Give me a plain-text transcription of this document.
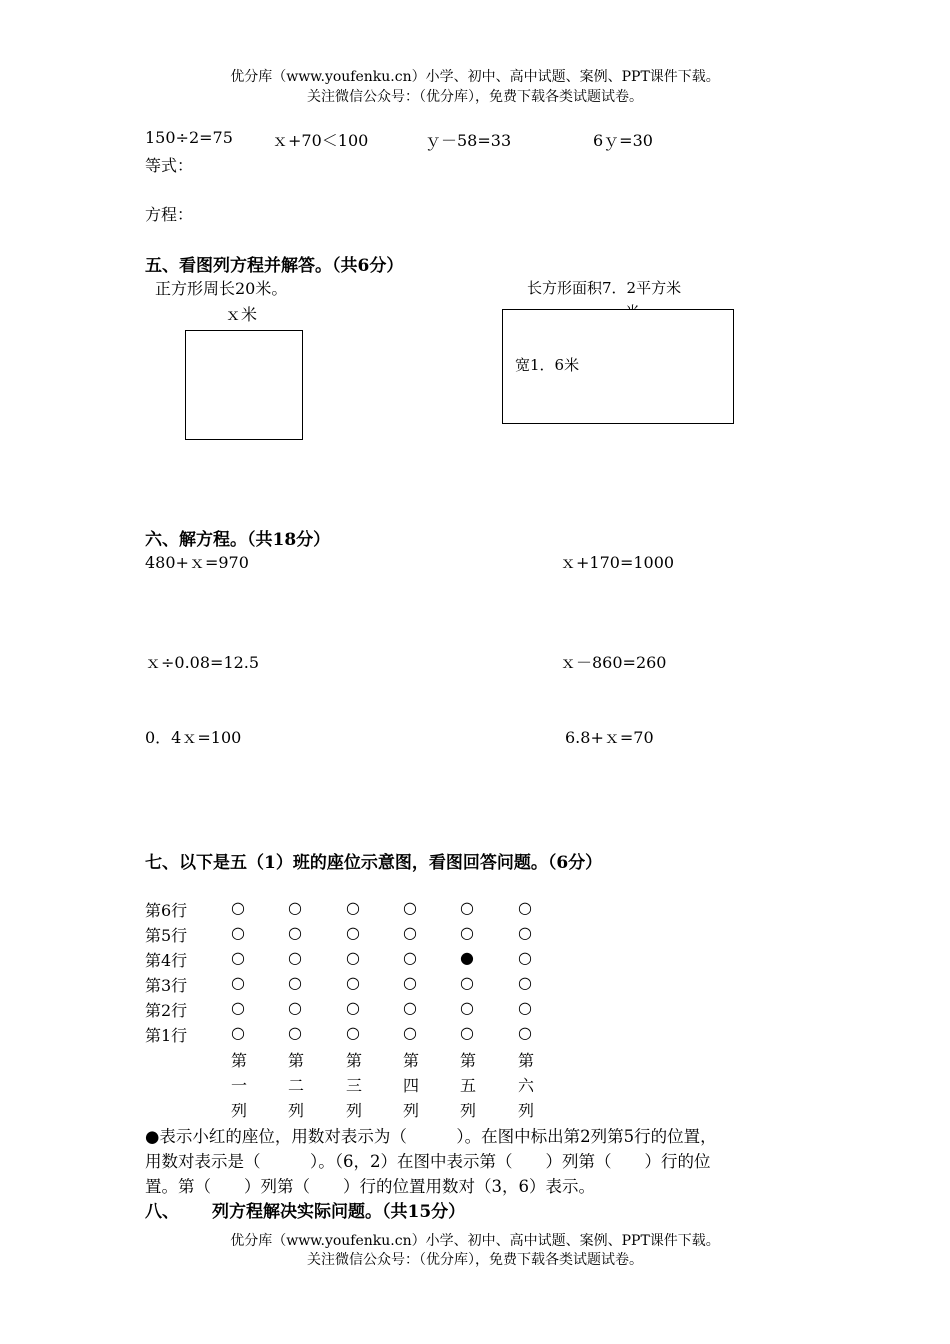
优分库（www.youfenku.cn）小学、初中、高中试题、案例、PPT课件下载。
关注微信公众号：（优分库），免费下载各类试题试卷。
150÷2=75 ｘ+70＜100	ｙ－58=33	6ｙ=30
等式：
方程：
五、看图列方程并解答。（共6分）
正方形周长20米。
ｘ米
长方形面积7．2平方米
宽1．6米
六、解方程。（共18分）
480+ｘ=970	ｘ+170=1000
ｘ÷0.08=12.5	ｘ－860=260
0．4ｘ=100	6.8+ｘ=70
七、以下是五（1）班的座位示意图，看图回答问题。（6分）
第6行	○	○	○	○	○	○
第5行	○	○	○	○	○	○
第4行	○	○	○	○	●	○
第3行	○	○	○	○	○	○
第2行	○	○	○	○	○	○
第1行	○	○	○	○	○	○
第
一
列
第
二
列
第
三
列
第
四
列
第
五
列
第
六
列
●表示小红的座位，用数对表示为（　　　）。在图中标出第2列第5行的位置，
用数对表示是（　　　）。（6，2）在图中表示第（　　）列第（　　）行的位
置。第（　　）列第（　　）行的位置用数对（3，6）表示。
八、 列方程解决实际问题。（共15分）
优分库（www.youfenku.cn）小学、初中、高中试题、案例、PPT课件下载。
关注微信公众号：（优分库），免费下载各类试题试卷。
